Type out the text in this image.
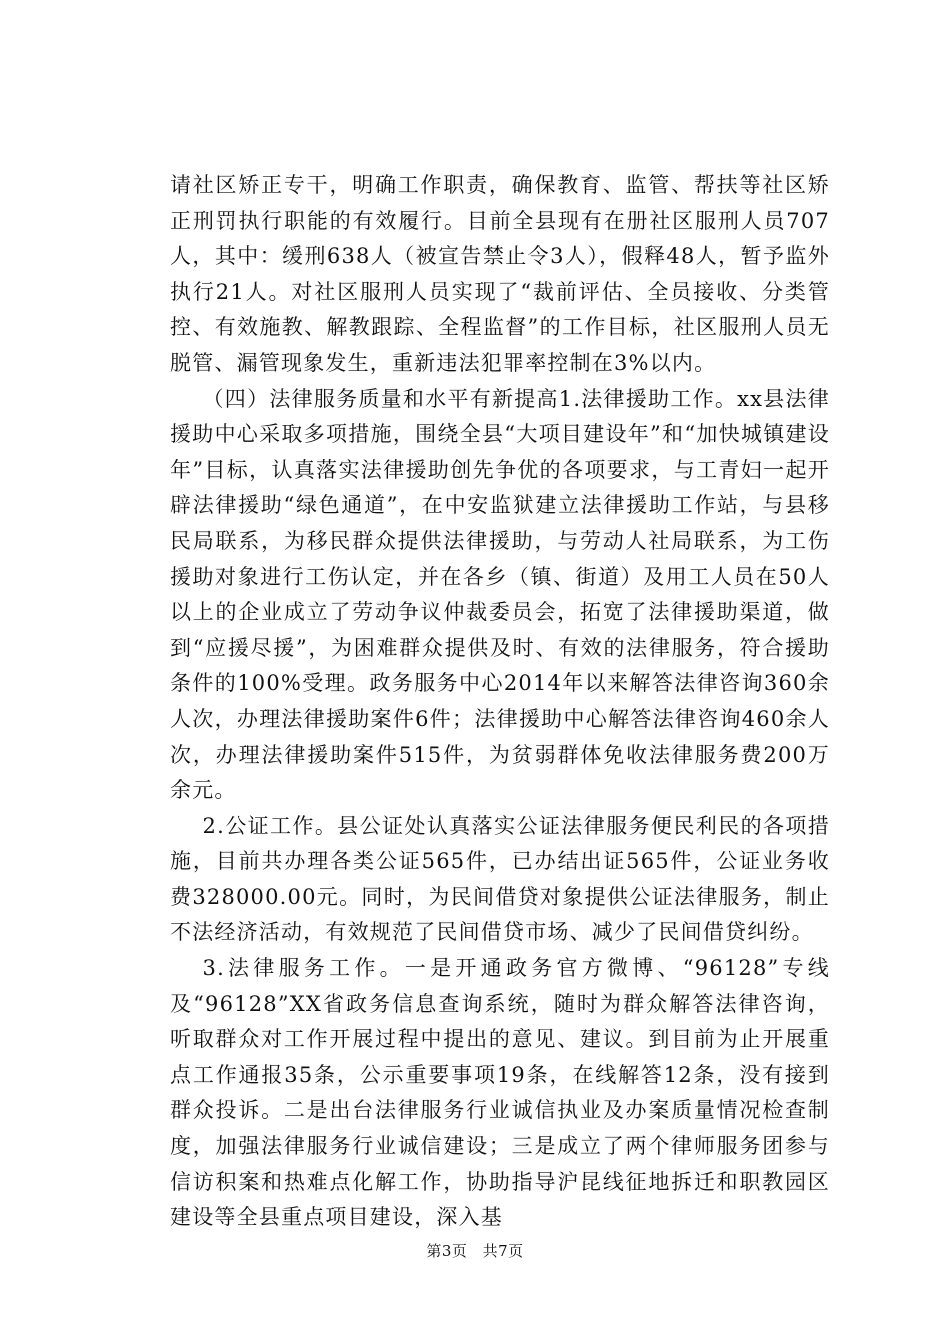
请社区矫正专干，明确工作职责，确保教育、监管、帮扶等社区矫正刑罚执行职能的有效履行。目前全县现有在册社区服刑人员707人，其中：缓刑638人（被宣告禁止令3人），假释48人，暂予监外执行21人。对社区服刑人员实现了“裁前评估、全员接收、分类管控、有效施教、解教跟踪、全程监督”的工作目标，社区服刑人员无脱管、漏管现象发生，重新违法犯罪率控制在3%以内。

（四）法律服务质量和水平有新提高1.法律援助工作。xx县法律援助中心采取多项措施，围绕全县“大项目建设年”和“加快城镇建设年”目标，认真落实法律援助创先争优的各项要求，与工青妇一起开辟法律援助“绿色通道”，在中安监狱建立法律援助工作站，与县移民局联系，为移民群众提供法律援助，与劳动人社局联系，为工伤援助对象进行工伤认定，并在各乡（镇、街道）及用工人员在50人以上的企业成立了劳动争议仲裁委员会，拓宽了法律援助渠道，做到“应援尽援”，为困难群众提供及时、有效的法律服务，符合援助条件的100%受理。政务服务中心2014年以来解答法律咨询360余人次，办理法律援助案件6件；法律援助中心解答法律咨询460余人次，办理法律援助案件515件，为贫弱群体免收法律服务费200万余元。

2.公证工作。县公证处认真落实公证法律服务便民利民的各项措施，目前共办理各类公证565件，已办结出证565件，公证业务收费328000.00元。同时，为民间借贷对象提供公证法律服务，制止不法经济活动，有效规范了民间借贷市场、减少了民间借贷纠纷。

3.法律服务工作。一是开通政务官方微博、“96128”专线及“96128”XX省政务信息查询系统，随时为群众解答法律咨询，听取群众对工作开展过程中提出的意见、建议。到目前为止开展重点工作通报35条，公示重要事项19条，在线解答12条，没有接到群众投诉。二是出台法律服务行业诚信执业及办案质量情况检查制度，加强法律服务行业诚信建设；三是成立了两个律师服务团参与信访积案和热难点化解工作，协助指导沪昆线征地拆迁和职教园区建设等全县重点项目建设，深入基

第3页 共7页
